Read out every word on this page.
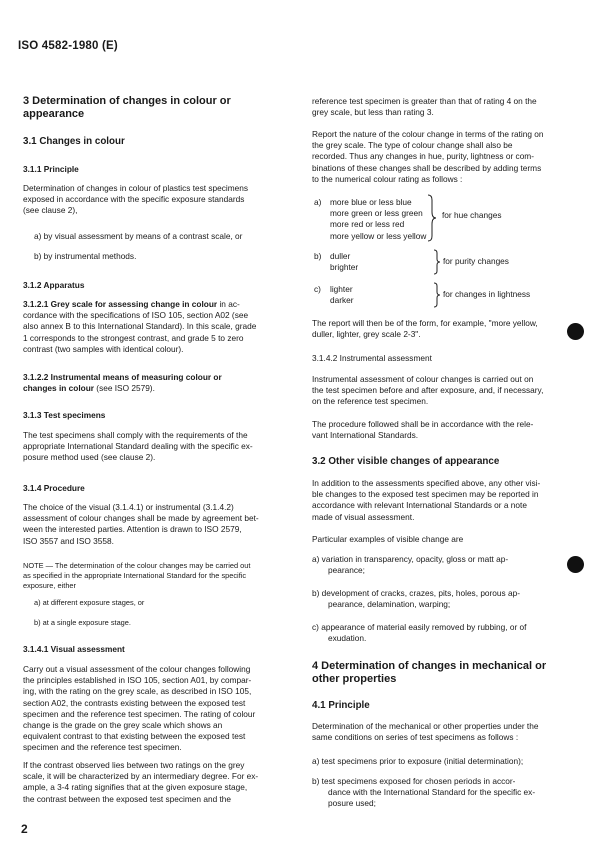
ISO 4582-1980 (E)
3 Determination of changes in colour or
appearance
3.1 Changes in colour
3.1.1 Principle
Determination of changes in colour of plastics test specimens
exposed in accordance with the specific exposure standards
(see clause 2),
a) by visual assessment by means of a contrast scale, or
b) by instrumental methods.
3.1.2 Apparatus
3.1.2.1 Grey scale for assessing change in colour in ac-
cordance with the specifications of ISO 105, section A02 (see
also annex B to this International Standard). In this scale, grade
1 corresponds to the strongest contrast, and grade 5 to zero
contrast (two samples with identical colour).
3.1.2.2 Instrumental means of measuring colour or
changes in colour (see ISO 2579).
3.1.3 Test specimens
The test specimens shall comply with the requirements of the
appropriate International Standard dealing with the specific ex-
posure method used (see clause 2).
3.1.4 Procedure
The choice of the visual (3.1.4.1) or instrumental (3.1.4.2)
assessment of colour changes shall be made by agreement bet-
ween the interested parties. Attention is drawn to ISO 2579,
ISO 3557 and ISO 3558.
NOTE — The determination of the colour changes may be carried out
as specified in the appropriate International Standard for the specific
exposure, either
a) at different exposure stages, or
b) at a single exposure stage.
3.1.4.1 Visual assessment
Carry out a visual assessment of the colour changes following
the principles established in ISO 105, section A01, by compar-
ing, with the rating on the grey scale, as described in ISO 105,
section A02, the contrasts existing between the exposed test
specimen and the reference test specimen. The rating of colour
change is the grade on the grey scale which shows an
equivalent contrast to that existing between the exposed test
specimen and the reference test specimen.
If the contrast observed lies between two ratings on the grey
scale, it will be characterized by an intermediary degree. For ex-
ample, a 3-4 rating signifies that at the given exposure stage,
the contrast between the exposed test specimen and the
reference test specimen is greater than that of rating 4 on the
grey scale, but less than rating 3.
Report the nature of the colour change in terms of the rating on
the grey scale. The type of colour change shall also be
recorded. Thus any changes in hue, purity, lightness or com-
binations of these changes shall be described by adding terms
to the numerical colour rating as follows :
a) more blue or less blue
more green or less green
more red or less red
more yellow or less yellow
for hue changes
b) duller
brighter
for purity changes
c) lighter
darker
for changes in lightness
The report will then be of the form, for example, "more yellow,
duller, lighter, grey scale 2-3".
3.1.4.2 Instrumental assessment
Instrumental assessment of colour changes is carried out on
the test specimen before and after exposure, and, if necessary,
on the reference test specimen.
The procedure followed shall be in accordance with the rele-
vant International Standards.
3.2 Other visible changes of appearance
In addition to the assessments specified above, any other visi-
ble changes to the exposed test specimen may be reported in
accordance with relevant International Standards or a note
made of visual assessment.
Particular examples of visible change are
a) variation in transparency, opacity, gloss or matt ap-
pearance;
b) development of cracks, crazes, pits, holes, porous ap-
pearance, delamination, warping;
c) appearance of material easily removed by rubbing, or of
exudation.
4 Determination of changes in mechanical or
other properties
4.1 Principle
Determination of the mechanical or other properties under the
same conditions on series of test specimens as follows :
a) test specimens prior to exposure (initial determination);
b) test specimens exposed for chosen periods in accor-
dance with the International Standard for the specific ex-
posure used;
2
